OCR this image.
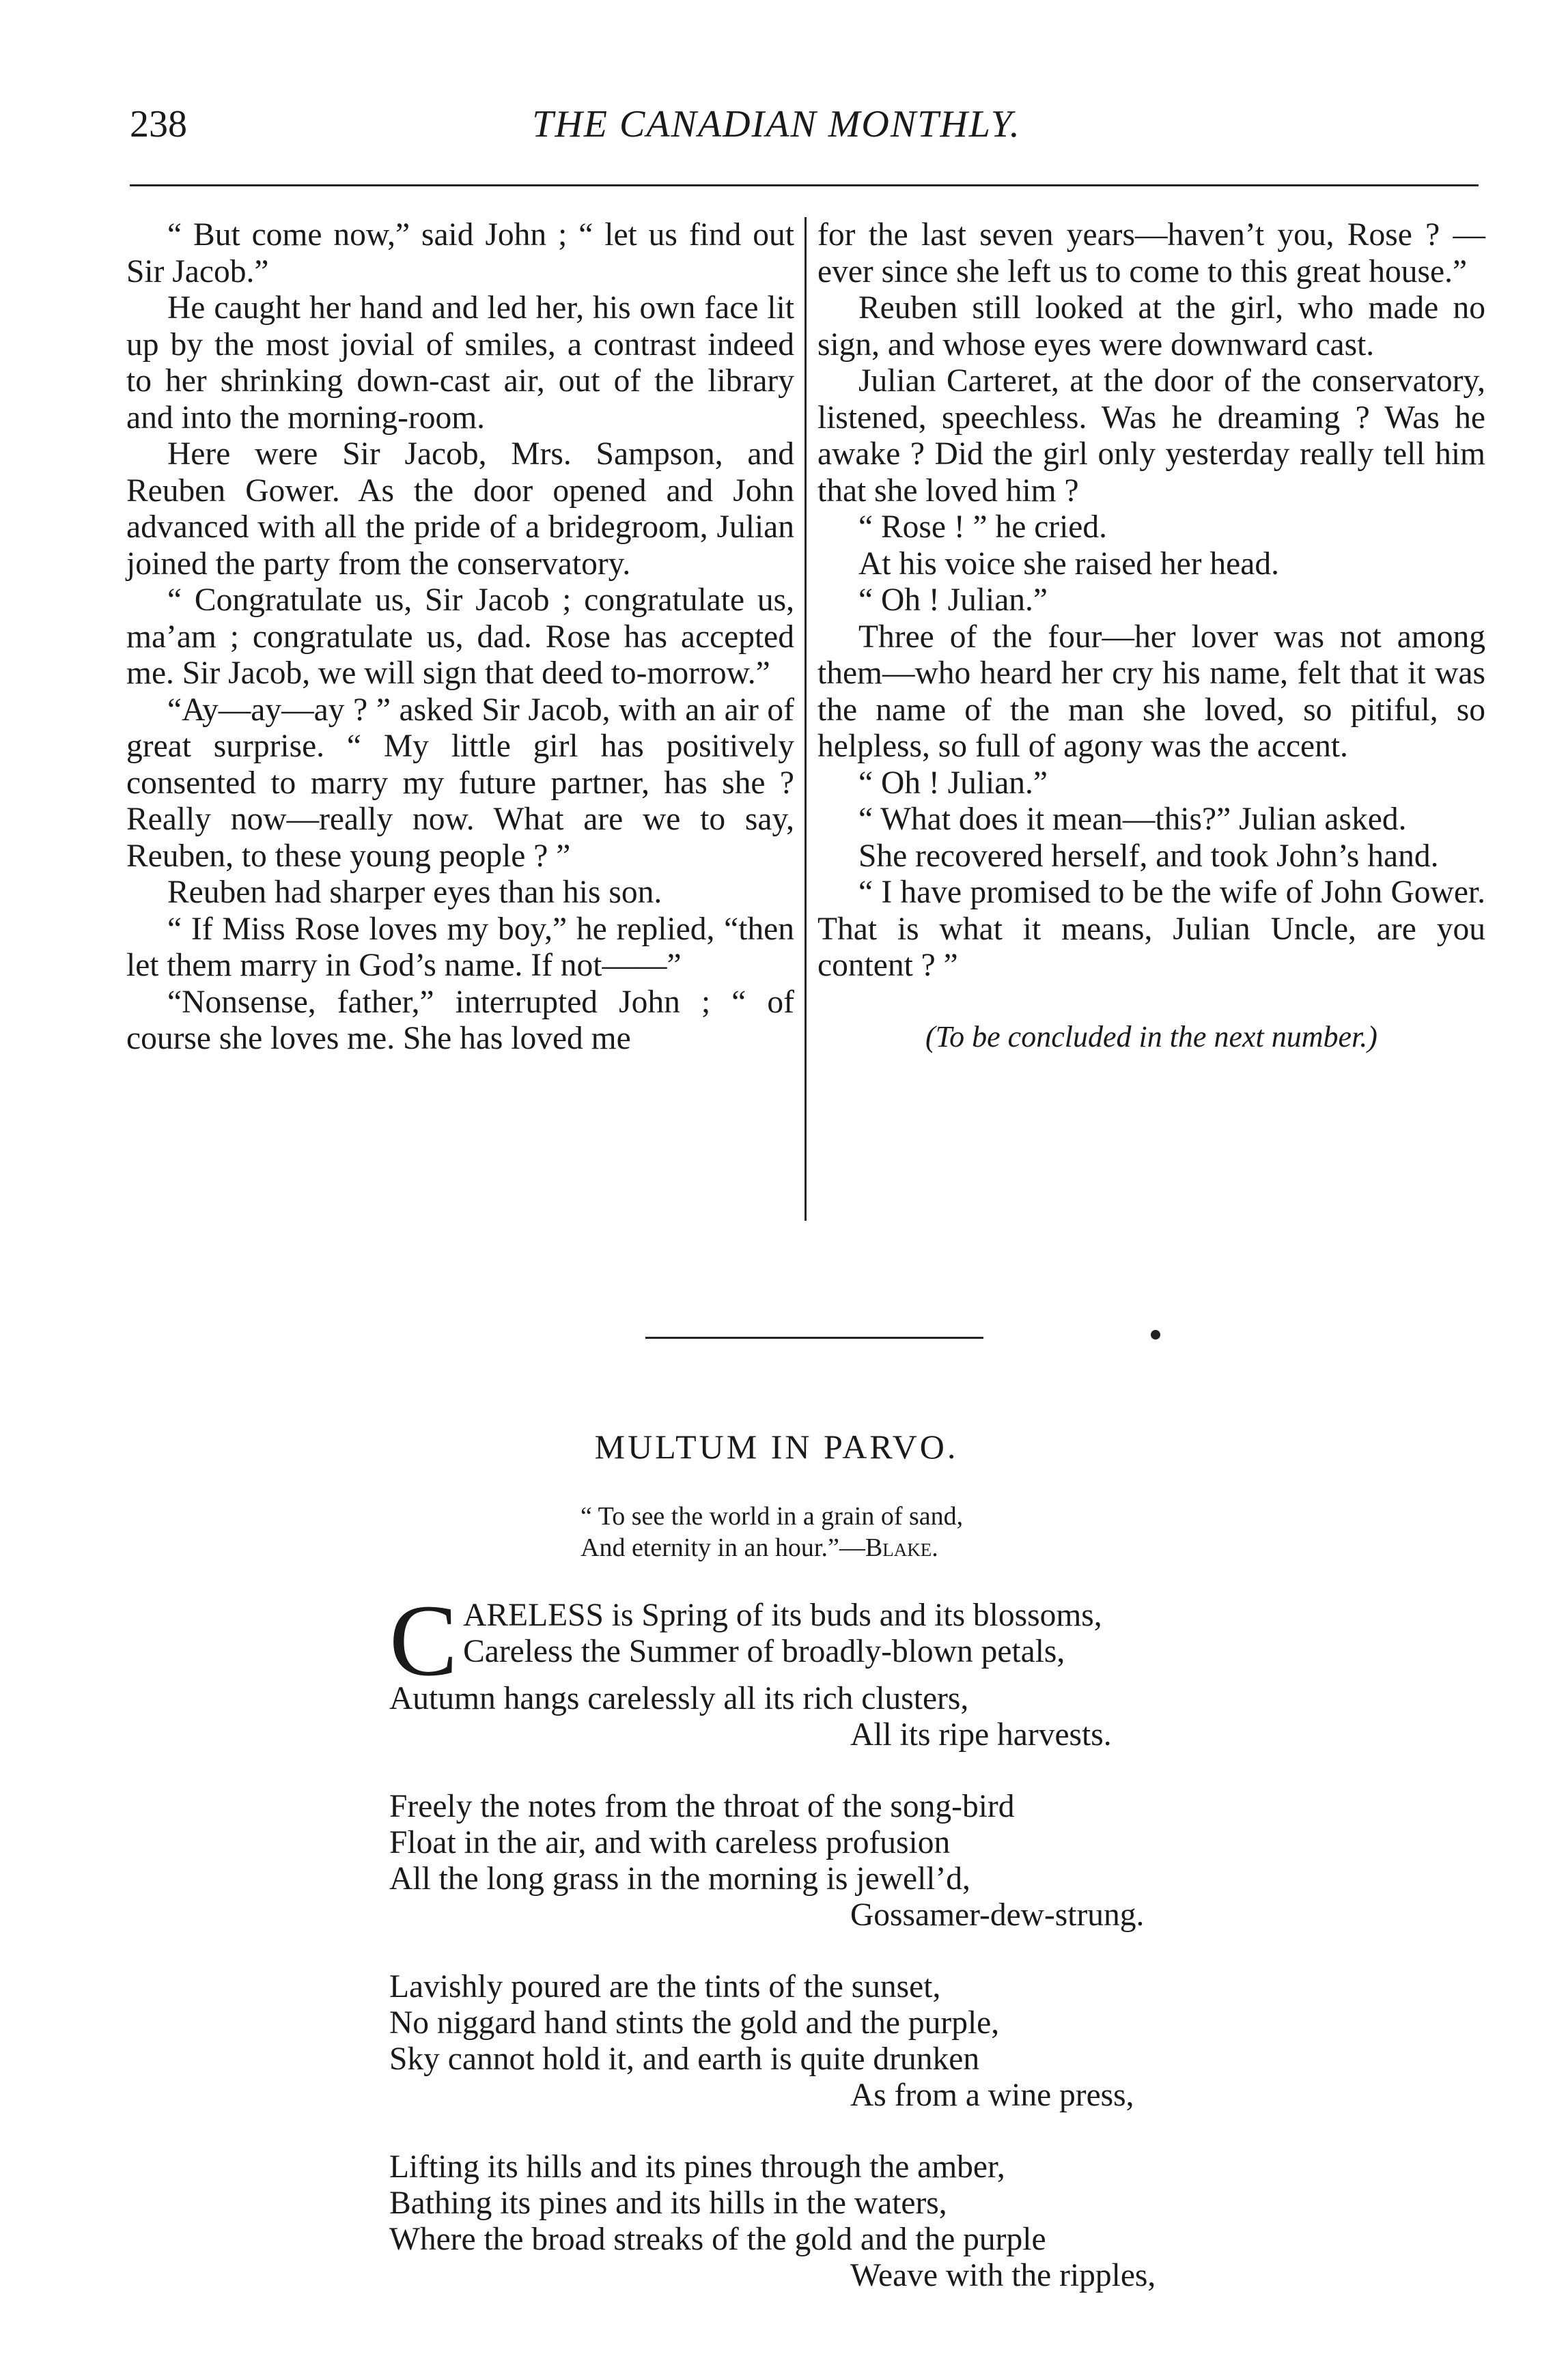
238	THE CANADIAN MONTHLY.

“ But come now,” said John ; “ let us find out Sir Jacob.”

He caught her hand and led her, his own face lit up by the most jovial of smiles, a contrast indeed to her shrinking down-cast air, out of the library and into the morning-room.

Here were Sir Jacob, Mrs. Sampson, and Reuben Gower. As the door opened and John advanced with all the pride of a bridegroom, Julian joined the party from the conservatory.

“ Congratulate us, Sir Jacob ; congratulate us, ma’am ; congratulate us, dad. Rose has accepted me. Sir Jacob, we will sign that deed to-morrow.”

“Ay—ay—ay ? ” asked Sir Jacob, with an air of great surprise. “ My little girl has positively consented to marry my future partner, has she ? Really now—really now. What are we to say, Reuben, to these young people ? ”

Reuben had sharper eyes than his son.

“ If Miss Rose loves my boy,” he replied, “then let them marry in God’s name. If not——”

“Nonsense, father,” interrupted John ; “ of course she loves me. She has loved me

for the last seven years—haven’t you, Rose ? —ever since she left us to come to this great house.”

Reuben still looked at the girl, who made no sign, and whose eyes were downward cast.

Julian Carteret, at the door of the conservatory, listened, speechless. Was he dreaming ? Was he awake ? Did the girl only yesterday really tell him that she loved him ?

“ Rose ! ” he cried.

At his voice she raised her head.

“ Oh ! Julian.”

Three of the four—her lover was not among them—who heard her cry his name, felt that it was the name of the man she loved, so pitiful, so helpless, so full of agony was the accent.

“ Oh ! Julian.”

“ What does it mean—this?” Julian asked.

She recovered herself, and took John’s hand.

“ I have promised to be the wife of John Gower. That is what it means, Julian Uncle, are you content ? ”

(To be concluded in the next number.)

MULTUM IN PARVO.
“ To see the world in a grain of sand,
And eternity in an hour.”—Blake.
C ARELESS is Spring of its buds and its blossoms,
Careless the Summer of broadly-blown petals,
Autumn hangs carelessly all its rich clusters,
All its ripe harvests.
Freely the notes from the throat of the song-bird
Float in the air, and with careless profusion
All the long grass in the morning is jewell’d,
Gossamer-dew-strung.
Lavishly poured are the tints of the sunset,
No niggard hand stints the gold and the purple,
Sky cannot hold it, and earth is quite drunken
As from a wine press,
Lifting its hills and its pines through the amber,
Bathing its pines and its hills in the waters,
Where the broad streaks of the gold and the purple
Weave with the ripples,
